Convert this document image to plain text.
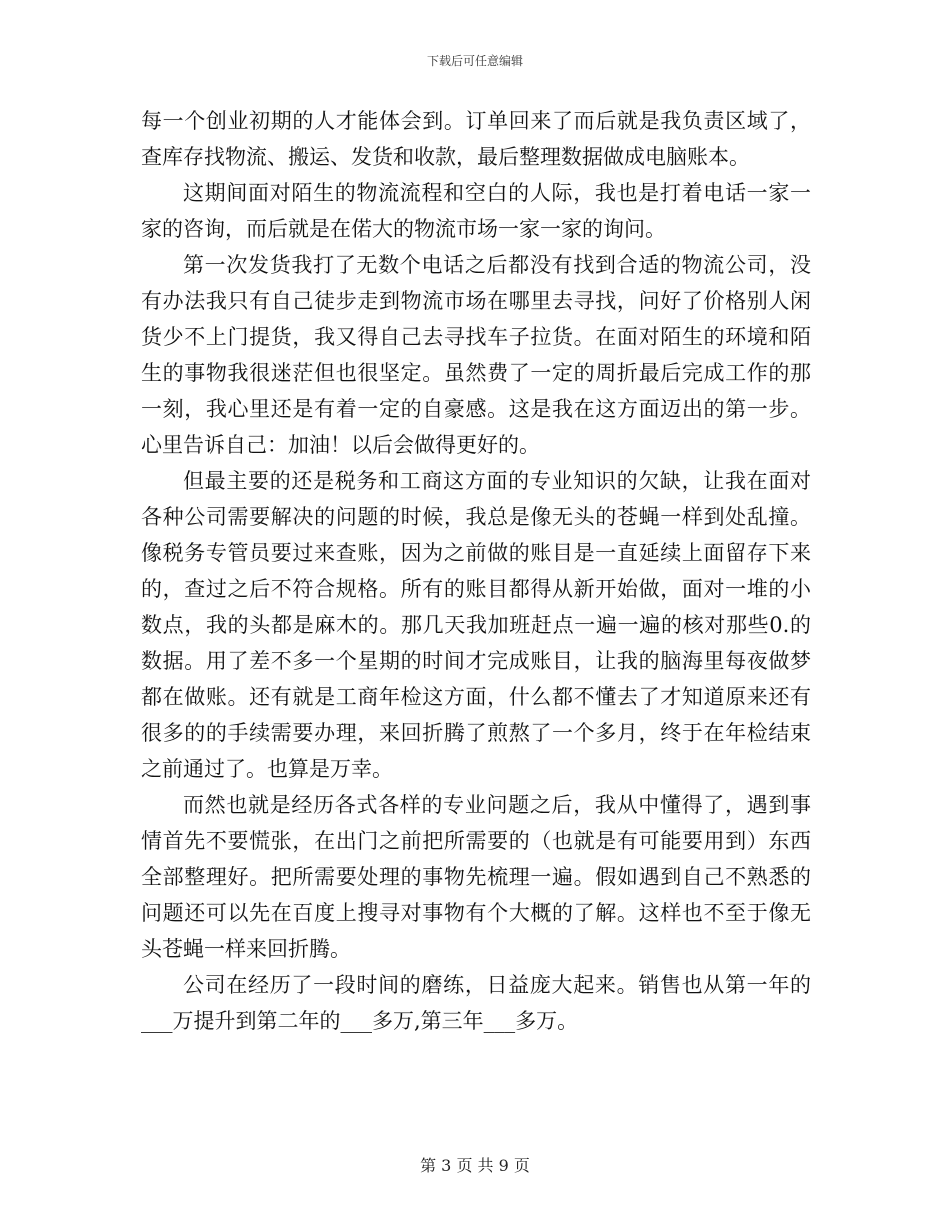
下载后可任意编辑

每一个创业初期的人才能体会到。订单回来了而后就是我负责区域了，查库存找物流、搬运、发货和收款，最后整理数据做成电脑账本。

这期间面对陌生的物流流程和空白的人际，我也是打着电话一家一家的咨询，而后就是在偌大的物流市场一家一家的询问。

第一次发货我打了无数个电话之后都没有找到合适的物流公司，没有办法我只有自己徒步走到物流市场在哪里去寻找，问好了价格别人闲货少不上门提货，我又得自己去寻找车子拉货。在面对陌生的环境和陌生的事物我很迷茫但也很坚定。虽然费了一定的周折最后完成工作的那一刻，我心里还是有着一定的自豪感。这是我在这方面迈出的第一步。心里告诉自己：加油！以后会做得更好的。

但最主要的还是税务和工商这方面的专业知识的欠缺，让我在面对各种公司需要解决的问题的时候，我总是像无头的苍蝇一样到处乱撞。像税务专管员要过来查账，因为之前做的账目是一直延续上面留存下来的，查过之后不符合规格。所有的账目都得从新开始做，面对一堆的小数点，我的头都是麻木的。那几天我加班赶点一遍一遍的核对那些0.的数据。用了差不多一个星期的时间才完成账目，让我的脑海里每夜做梦都在做账。还有就是工商年检这方面，什么都不懂去了才知道原来还有很多的的手续需要办理，来回折腾了煎熬了一个多月，终于在年检结束之前通过了。也算是万幸。

而然也就是经历各式各样的专业问题之后，我从中懂得了，遇到事情首先不要慌张，在出门之前把所需要的（也就是有可能要用到）东西全部整理好。把所需要处理的事物先梳理一遍。假如遇到自己不熟悉的问题还可以先在百度上搜寻对事物有个大概的了解。这样也不至于像无头苍蝇一样来回折腾。

公司在经历了一段时间的磨练，日益庞大起来。销售也从第一年的___万提升到第二年的___多万,第三年___多万。

第 3 页 共 9 页
